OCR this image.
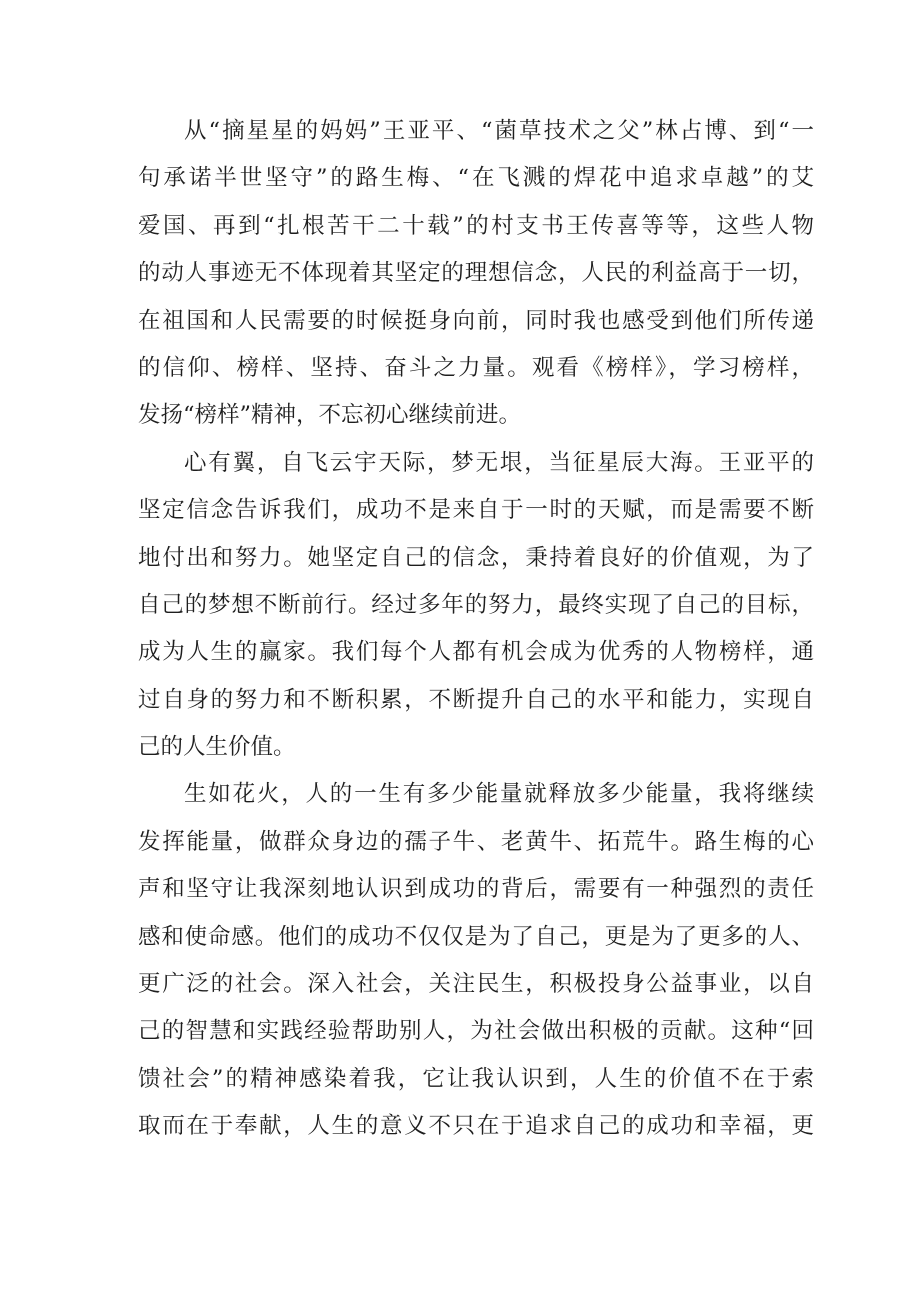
从“摘星星的妈妈”王亚平、“菌草技术之父”林占博、到“一
句承诺半世坚守”的路生梅、“在飞溅的焊花中追求卓越”的艾
爱国、再到“扎根苦干二十载”的村支书王传喜等等，这些人物
的动人事迹无不体现着其坚定的理想信念，人民的利益高于一切，
在祖国和人民需要的时候挺身向前，同时我也感受到他们所传递
的信仰、榜样、坚持、奋斗之力量。观看《榜样》，学习榜样，
发扬“榜样”精神，不忘初心继续前进。
心有翼，自飞云宇天际，梦无垠，当征星辰大海。王亚平的
坚定信念告诉我们，成功不是来自于一时的天赋，而是需要不断
地付出和努力。她坚定自己的信念，秉持着良好的价值观，为了
自己的梦想不断前行。经过多年的努力，最终实现了自己的目标，
成为人生的赢家。我们每个人都有机会成为优秀的人物榜样，通
过自身的努力和不断积累，不断提升自己的水平和能力，实现自
己的人生价值。
生如花火，人的一生有多少能量就释放多少能量，我将继续
发挥能量，做群众身边的孺子牛、老黄牛、拓荒牛。路生梅的心
声和坚守让我深刻地认识到成功的背后，需要有一种强烈的责任
感和使命感。他们的成功不仅仅是为了自己，更是为了更多的人、
更广泛的社会。深入社会，关注民生，积极投身公益事业，以自
己的智慧和实践经验帮助别人，为社会做出积极的贡献。这种“回
馈社会”的精神感染着我，它让我认识到，人生的价值不在于索
取而在于奉献，人生的意义不只在于追求自己的成功和幸福，更
